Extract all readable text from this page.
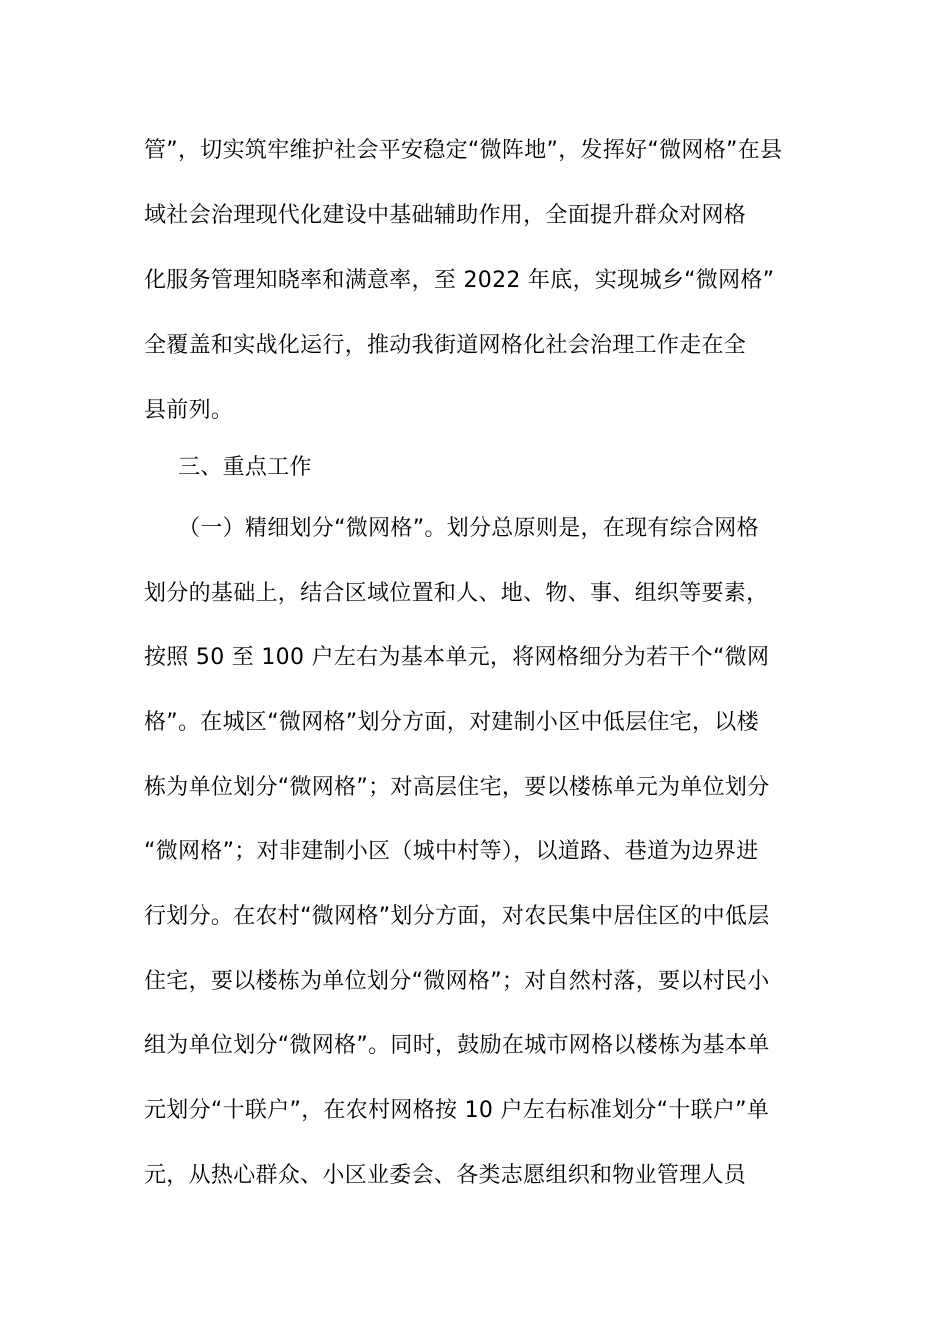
管”，切实筑牢维护社会平安稳定“微阵地”，发挥好“微网格”在县
域社会治理现代化建设中基础辅助作用，全面提升群众对网格
化服务管理知晓率和满意率，至 2022 年底，实现城乡“微网格”
全覆盖和实战化运行，推动我街道网格化社会治理工作走在全
县前列。
三、重点工作
（一）精细划分“微网格”。划分总原则是，在现有综合网格
划分的基础上，结合区域位置和人、地、物、事、组织等要素，
按照 50 至 100 户左右为基本单元，将网格细分为若干个“微网
格”。在城区“微网格”划分方面，对建制小区中低层住宅，以楼
栋为单位划分“微网格”；对高层住宅，要以楼栋单元为单位划分
“微网格”；对非建制小区（城中村等），以道路、巷道为边界进
行划分。在农村“微网格”划分方面，对农民集中居住区的中低层
住宅，要以楼栋为单位划分“微网格”；对自然村落，要以村民小
组为单位划分“微网格”。同时，鼓励在城市网格以楼栋为基本单
元划分“十联户”，在农村网格按 10 户左右标准划分“十联户”单
元，从热心群众、小区业委会、各类志愿组织和物业管理人员
